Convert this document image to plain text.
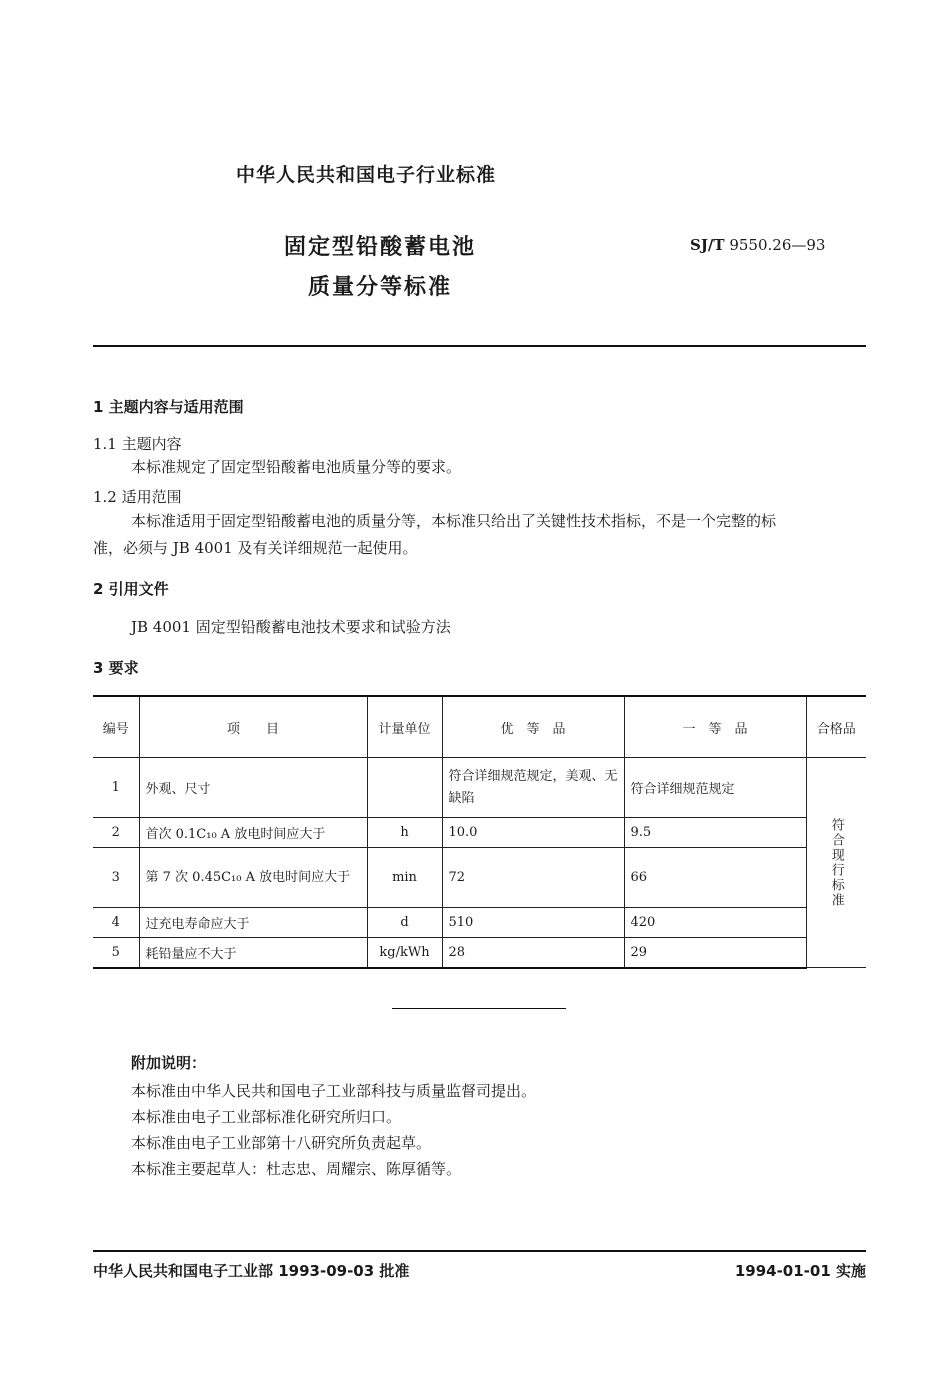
中华人民共和国电子行业标准
固定型铅酸蓄电池
质量分等标准
SJ/T 9550.26—93
1 主题内容与适用范围
1.1 主题内容
本标准规定了固定型铅酸蓄电池质量分等的要求。
1.2 适用范围
本标准适用于固定型铅酸蓄电池的质量分等，本标准只给出了关键性技术指标，不是一个完整的标
准，必须与 JB 4001 及有关详细规范一起使用。
2 引用文件
JB 4001 固定型铅酸蓄电池技术要求和试验方法
3 要求
编号	项　　目	计量单位	优　等　品	一　等　品	合格品
1	外观、尺寸		符合详细规范规定，美观、无缺陷	符合详细规范规定	符合现行标准
2	首次 0.1C₁₀ A 放电时间应大于	h	10.0	9.5	
3	第 7 次 0.45C₁₀ A 放电时间应大于	min	72	66	
4	过充电寿命应大于	d	510	420	
5	耗铅量应不大于	kg/kWh	28	29	
附加说明：
本标准由中华人民共和国电子工业部科技与质量监督司提出。
本标准由电子工业部标准化研究所归口。
本标准由电子工业部第十八研究所负责起草。
本标准主要起草人：杜志忠、周耀宗、陈厚循等。
中华人民共和国电子工业部 1993-09-03 批准	1994-01-01 实施
